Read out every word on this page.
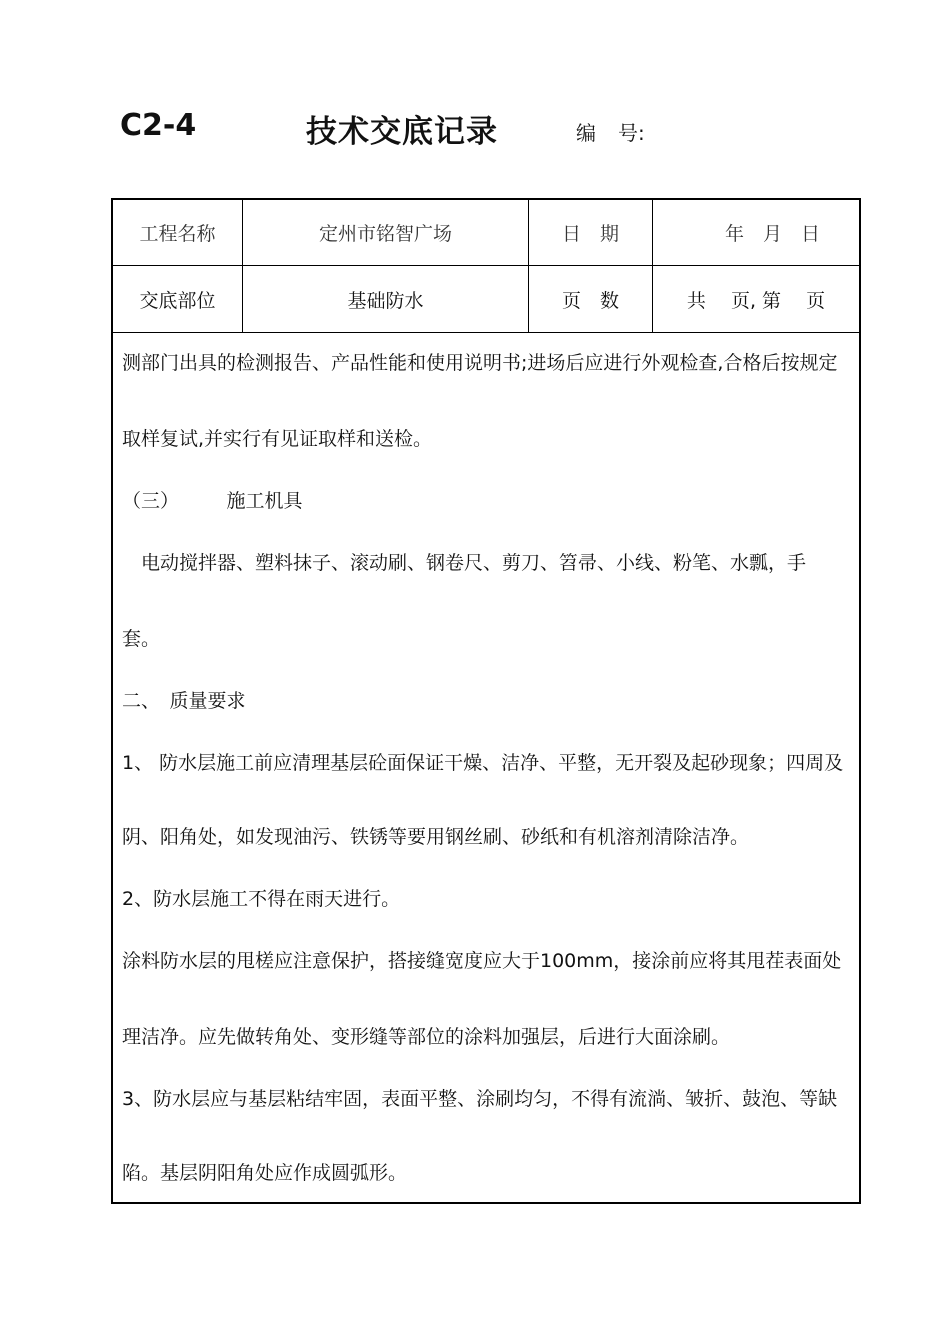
C2-4	技术交底记录	编 号:
工程名称	定州市铭智广场	日　期	年　月　日
交底部位	基础防水	页　数	共　 页, 第　 页
测部门出具的检测报告、产品性能和使用说明书;进场后应进行外观检查,合格后按规定
取样复试,并实行有见证取样和送检。
（三）　　　施工机具
　电动搅拌器、塑料抹子、滚动刷、钢卷尺、剪刀、笤帚、小线、粉笔、水瓢，手
套。
二、　质量要求
1、 防水层施工前应清理基层砼面保证干燥、洁净、平整，无开裂及起砂现象；四周及
阴、阳角处，如发现油污、铁锈等要用钢丝刷、砂纸和有机溶剂清除洁净。
2、防水层施工不得在雨天进行。
涂料防水层的甩槎应注意保护，搭接缝宽度应大于100mm，接涂前应将其甩茬表面处
理洁净。应先做转角处、变形缝等部位的涂料加强层，后进行大面涂刷。
3、防水层应与基层粘结牢固，表面平整、涂刷均匀，不得有流淌、皱折、鼓泡、等缺
陷。基层阴阳角处应作成圆弧形。
